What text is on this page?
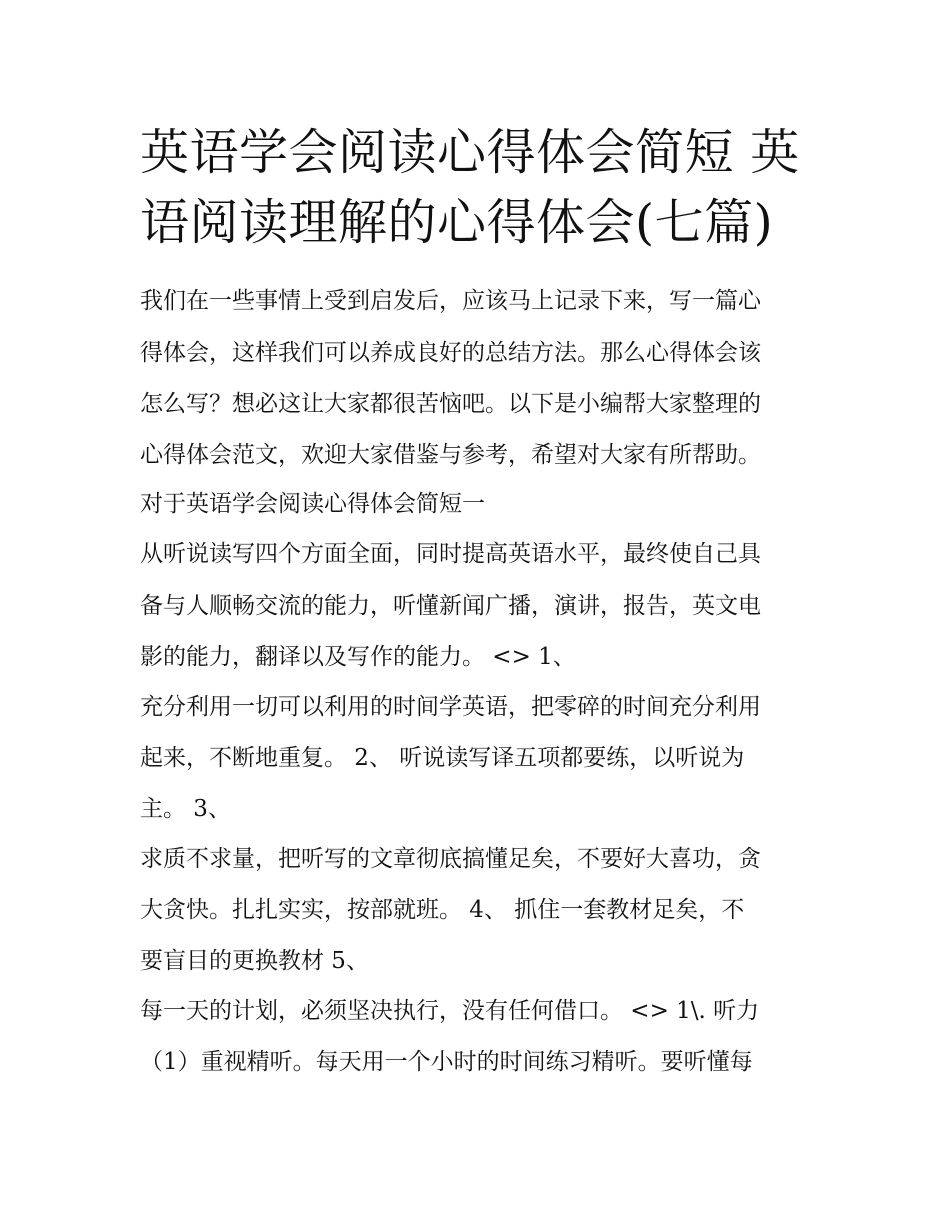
英语学会阅读心得体会简短 英语阅读理解的心得体会(七篇)

我们在一些事情上受到启发后，应该马上记录下来，写一篇心

得体会，这样我们可以养成良好的总结方法。那么心得体会该

怎么写？想必这让大家都很苦恼吧。以下是小编帮大家整理的

心得体会范文，欢迎大家借鉴与参考，希望对大家有所帮助。

对于英语学会阅读心得体会简短一

从听说读写四个方面全面，同时提高英语水平，最终使自己具

备与人顺畅交流的能力，听懂新闻广播，演讲，报告，英文电

影的能力，翻译以及写作的能力。 <> 1、

充分利用一切可以利用的时间学英语，把零碎的时间充分利用

起来，不断地重复。 2、 听说读写译五项都要练，以听说为

主。 3、

求质不求量，把听写的文章彻底搞懂足矣，不要好大喜功，贪

大贪快。扎扎实实，按部就班。 4、 抓住一套教材足矣，不

要盲目的更换教材 5、

每一天的计划，必须坚决执行，没有任何借口。 <> 1\. 听力

（1）重视精听。每天用一个小时的时间练习精听。要听懂每
